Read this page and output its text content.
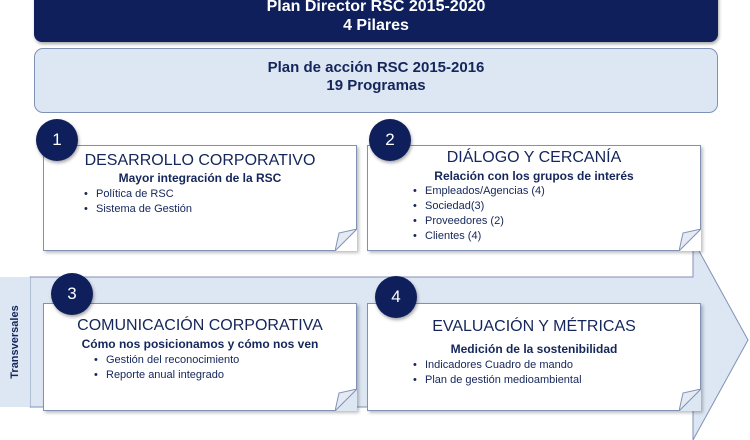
Plan Director RSC 2015-2020
4 Pilares
Plan de acción RSC 2015-2016
19 Programas
Transversales
DESARROLLO CORPORATIVO
Mayor integración de la RSC
• Política de RSC
• Sistema de Gestión
1
DIÁLOGO Y CERCANÍA
Relación con los grupos de interés
• Empleados/Agencias (4)
• Sociedad(3)
• Proveedores (2)
• Clientes (4)
2
COMUNICACIÓN CORPORATIVA
Cómo nos posicionamos y cómo nos ven
• Gestión del reconocimiento
• Reporte anual integrado
3
EVALUACIÓN Y MÉTRICAS
Medición de la sostenibilidad
• Indicadores Cuadro de mando
• Plan de gestión medioambiental
4
